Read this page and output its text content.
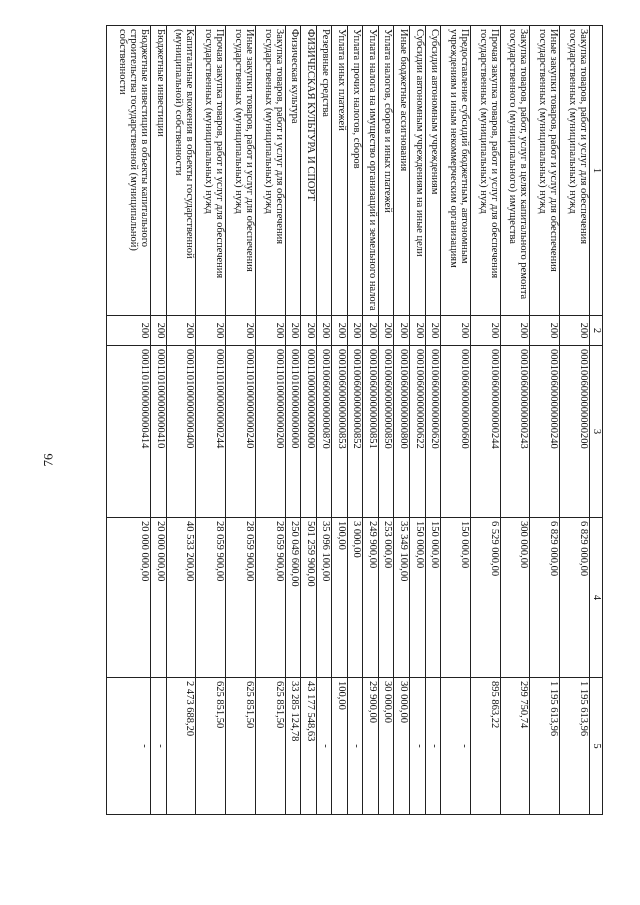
76
1	2	3	4	5
Закупка товаров, работ и услуг для обеспечения государственных (муниципальных) нужд	200	0001006000000000200	6 829 000,00	1 195 613,96
Иные закупки товаров, работ и услуг для обеспечения государственных (муниципальных) нужд	200	0001006000000000240	6 829 000,00	1 195 613,96
Закупка товаров, работ, услуг в целях капитального ремонта государственного (муниципального) имущества	200	0001006000000000243	300 000,00	299 750,74
Прочая закупка товаров, работ и услуг для обеспечения государственных (муниципальных) нужд	200	0001006000000000244	6 529 000,00	895 863,22
Предоставление субсидий бюджетным, автономным учреждениям и иным некоммерческим организациям	200	0001006000000000600	150 000,00	-
Субсидии автономным учреждениям	200	0001006000000000620	150 000,00	-
Субсидии автономным учреждениям на иные цели	200	0001006000000000622	150 000,00	-
Иные бюджетные ассигнования	200	0001006000000000800	35 349 100,00	30 000,00
Уплата налогов, сборов и иных платежей	200	0001006000000000850	253 000,00	30 000,00
Уплата налога на имущество организаций и земельного налога	200	0001006000000000851	249 900,00	29 900,00
Уплата прочих налогов, сборов	200	0001006000000000852	3 000,00	-
Уплата иных платежей	200	0001006000000000853	100,00	100,00
Резервные средства	200	0001006000000000870	35 096 100,00	-
ФИЗИЧЕСКАЯ КУЛЬТУРА И СПОРТ	200	0001100000000000000	501 259 900,00	43 177 548,63
Физическая культура	200	0001101000000000000	250 049 600,00	33 285 124,78
Закупка товаров, работ и услуг для обеспечения государственных (муниципальных) нужд	200	0001101000000000200	28 059 900,00	625 851,50
Иные закупки товаров, работ и услуг для обеспечения государственных (муниципальных) нужд	200	0001101000000000240	28 059 900,00	625 851,50
Прочая закупка товаров, работ и услуг для обеспечения государственных (муниципальных) нужд	200	0001101000000000244	28 059 900,00	625 851,50
Капитальные вложения в объекты государственной (муниципальной) собственности	200	0001101000000000400	40 533 200,00	2 473 688,20
Бюджетные инвестиции	200	0001101000000000410	20 000 000,00	-
Бюджетные инвестиции в объекты капитального строительства государственной (муниципальной) собственности	200	0001101000000000414	20 000 000,00	-
